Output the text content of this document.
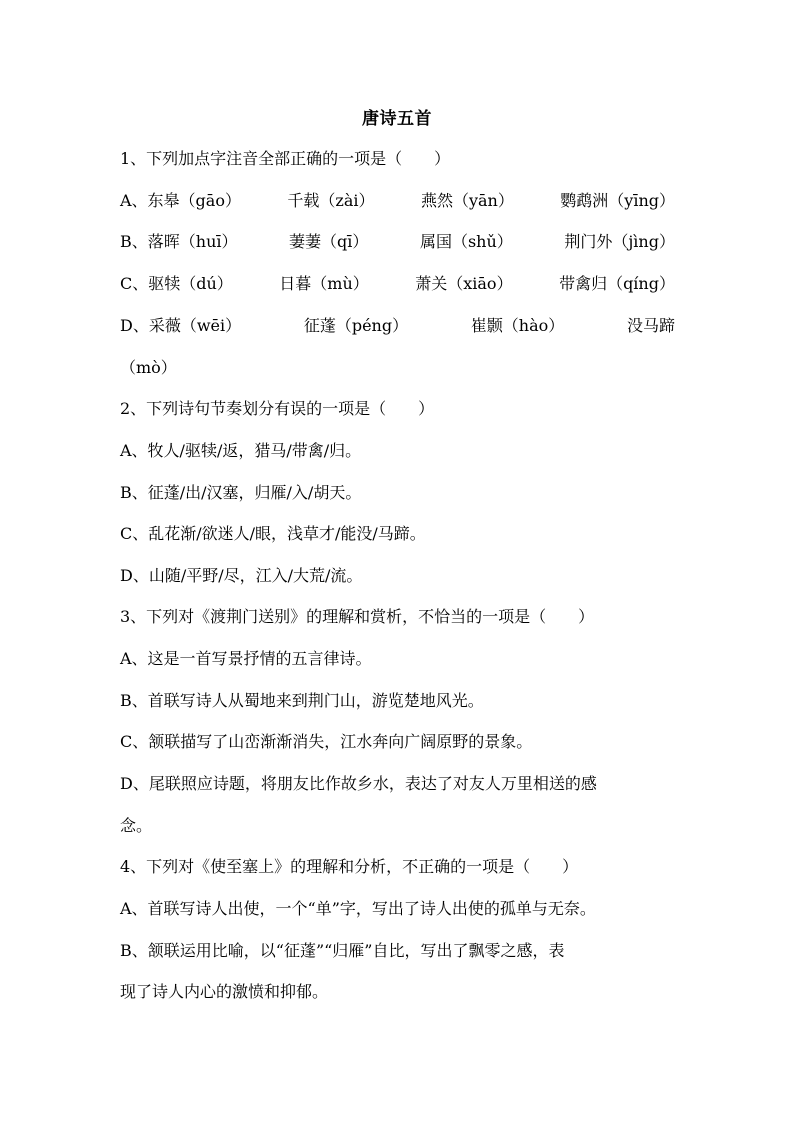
唐诗五首
1、下列加点字注音全部正确的一项是（　　）
A、东皋（gāo）	千载（zài）	燕然（yān）	鹦鹉洲（yīng）
B、落晖（huī）	萋萋（qī）	属国（shǔ）	荆门外（jìng）
C、驱犊（dú）	日暮（mù）	萧关（xiāo）	带禽归（qíng）
D、采薇（wēi）	征蓬（péng）	崔颢（hào）	没马蹄
（mò）
2、下列诗句节奏划分有误的一项是（　　）
A、牧人/驱犊/返，猎马/带禽/归。
B、征蓬/出/汉塞，归雁/入/胡天。
C、乱花渐/欲迷人/眼，浅草才/能没/马蹄。
D、山随/平野/尽，江入/大荒/流。
3、下列对《渡荆门送别》的理解和赏析，不恰当的一项是（　　）
A、这是一首写景抒情的五言律诗。
B、首联写诗人从蜀地来到荆门山，游览楚地风光。
C、颔联描写了山峦渐渐消失，江水奔向广阔原野的景象。
D、尾联照应诗题，将朋友比作故乡水，表达了对友人万里相送的感
念。
4、下列对《使至塞上》的理解和分析，不正确的一项是（　　）
A、首联写诗人出使，一个“单”字，写出了诗人出使的孤单与无奈。
B、颔联运用比喻，以“征蓬”“归雁”自比，写出了飘零之感，表
现了诗人内心的激愤和抑郁。
